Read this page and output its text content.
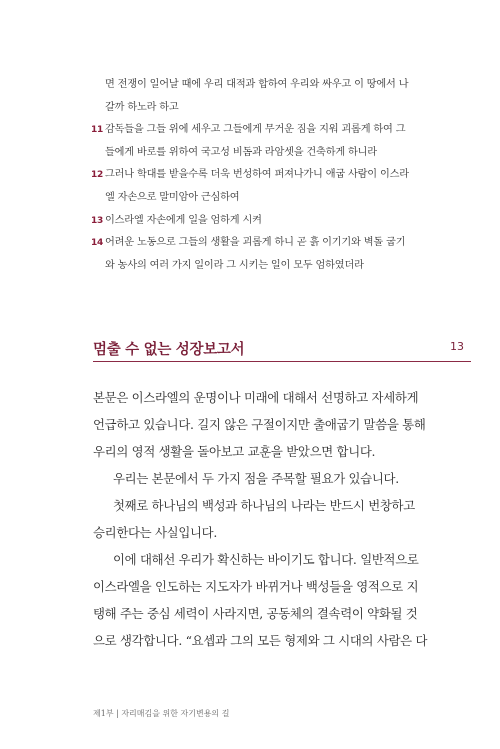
면 전쟁이 일어날 때에 우리 대적과 합하여 우리와 싸우고 이 땅에서 나
갈까 하노라 하고
11 감독들을 그들 위에 세우고 그들에게 무거운 짐을 지워 괴롭게 하여 그
들에게 바로를 위하여 국고성 비돔과 라암셋을 건축하게 하니라
12 그러나 학대를 받을수록 더욱 번성하여 퍼져나가니 애굽 사람이 이스라
엘 자손으로 말미암아 근심하여
13 이스라엘 자손에게 일을 엄하게 시켜
14 어려운 노동으로 그들의 생활을 괴롭게 하니 곧 흙 이기기와 벽돌 굽기
와 농사의 여러 가지 일이라 그 시키는 일이 모두 엄하였더라
멈출 수 없는 성장보고서	13
본문은 이스라엘의 운명이나 미래에 대해서 선명하고 자세하게
언급하고 있습니다. 길지 않은 구절이지만 출애굽기 말씀을 통해
우리의 영적 생활을 돌아보고 교훈을 받았으면 합니다.
우리는 본문에서 두 가지 점을 주목할 필요가 있습니다.
첫째로 하나님의 백성과 하나님의 나라는 반드시 번창하고
승리한다는 사실입니다.
이에 대해선 우리가 확신하는 바이기도 합니다. 일반적으로
이스라엘을 인도하는 지도자가 바뀌거나 백성들을 영적으로 지
탱해 주는 중심 세력이 사라지면, 공동체의 결속력이 약화될 것
으로 생각합니다. “요셉과 그의 모든 형제와 그 시대의 사람은 다
제1부 | 자리매김을 위한 자기변용의 길
